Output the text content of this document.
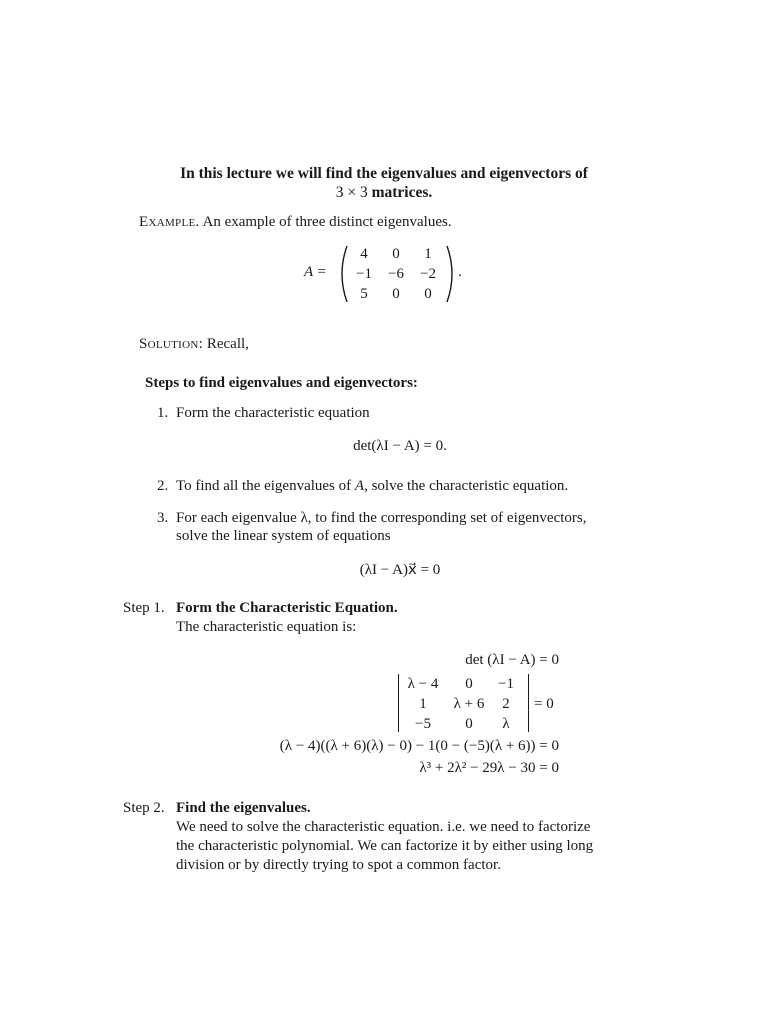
In this lecture we will find the eigenvalues and eigenvectors of
3 × 3 matrices.
Example. An example of three distinct eigenvalues.
A =
4	0	1
−1	−6	−2
5	0	0
.
Solution: Recall,
Steps to find eigenvalues and eigenvectors:
1. Form the characteristic equation
det(λI − A) = 0.
2. To find all the eigenvalues of A, solve the characteristic equation.
3. For each eigenvalue λ, to find the corresponding set of eigenvectors,
solve the linear system of equations
(λI − A)x⃗ = 0
Step 1. Form the Characteristic Equation.
The characteristic equation is:
det (λI − A) = 0
λ − 4	0	−1
1	λ + 6	2
−5	0	λ
= 0
(λ − 4)((λ + 6)(λ) − 0) − 1(0 − (−5)(λ + 6)) = 0
λ³ + 2λ² − 29λ − 30 = 0
Step 2. Find the eigenvalues.
We need to solve the characteristic equation. i.e. we need to factorize
the characteristic polynomial. We can factorize it by either using long
division or by directly trying to spot a common factor.
